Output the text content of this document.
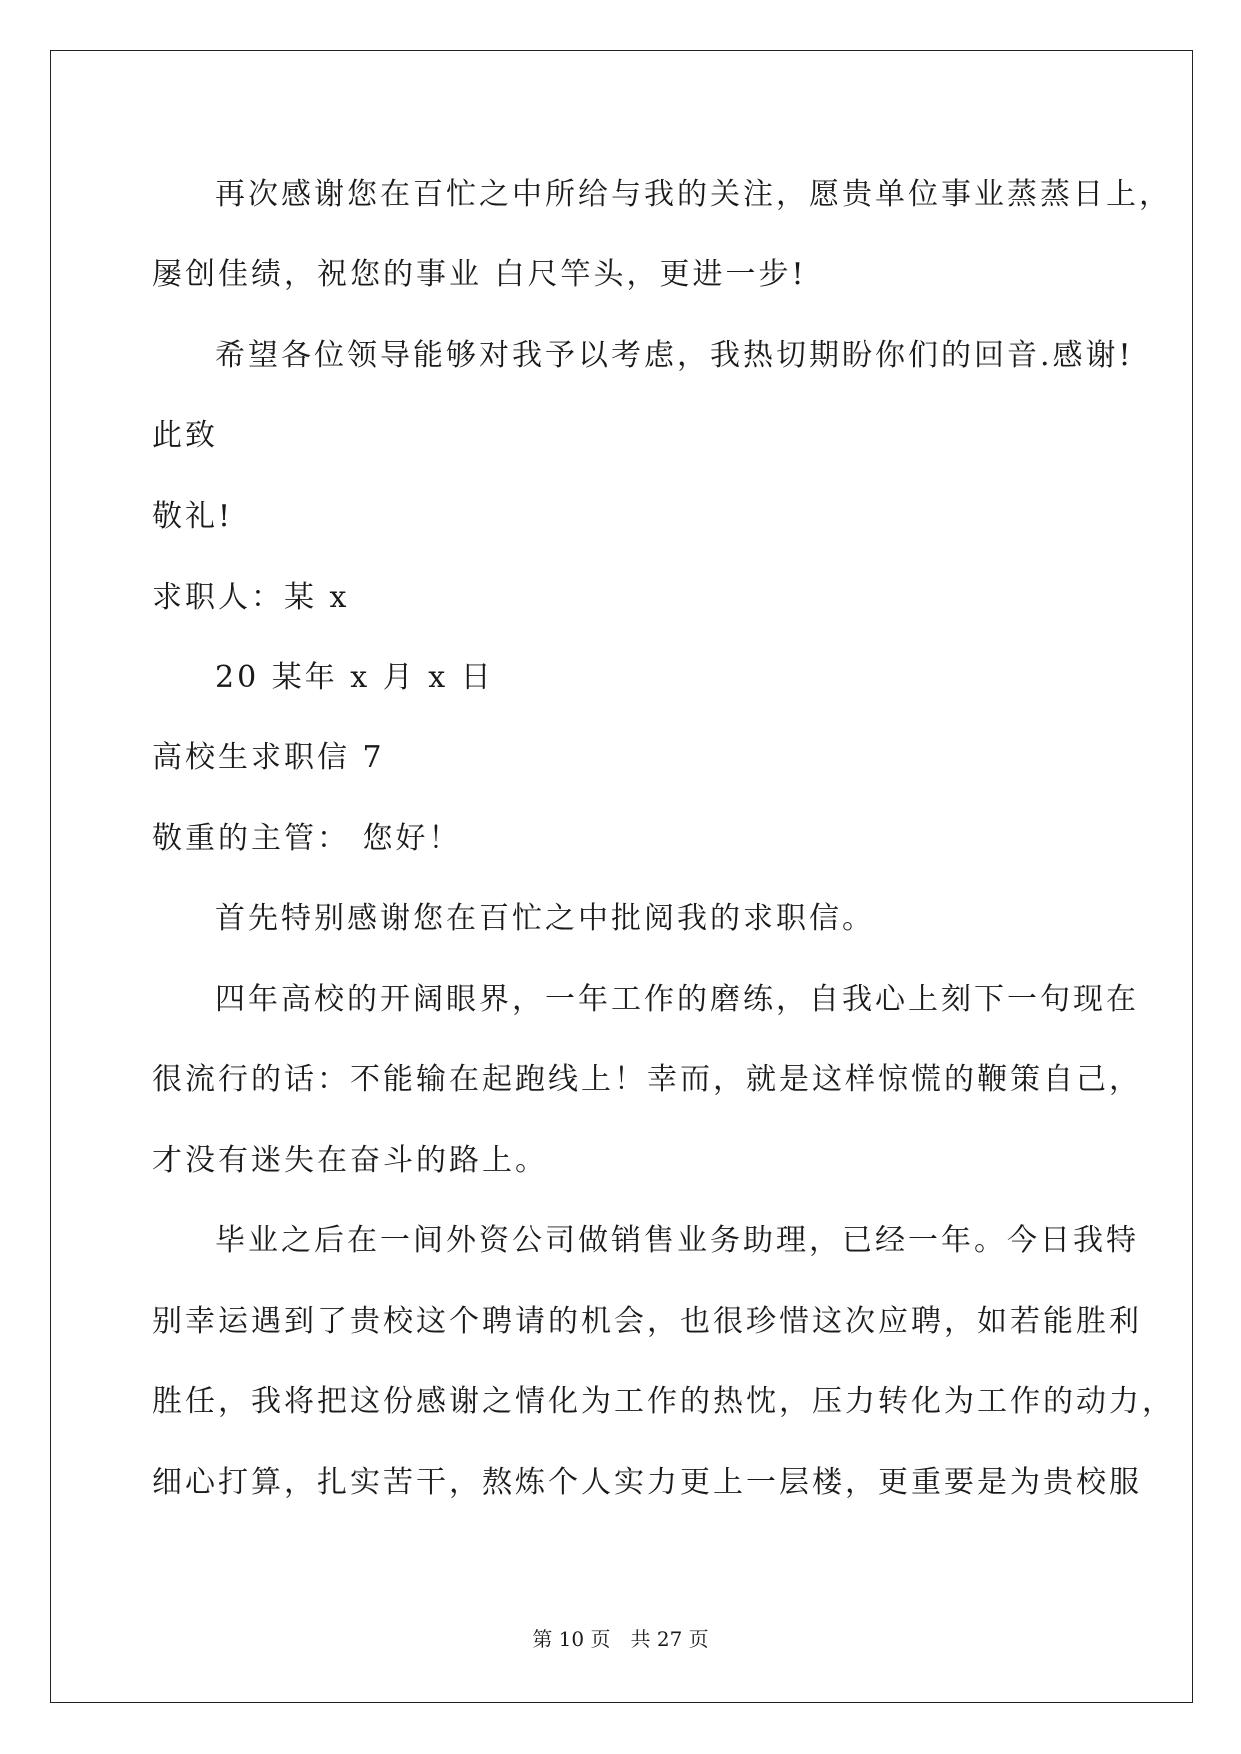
再次感谢您在百忙之中所给与我的关注，愿贵单位事业蒸蒸日上，
屡创佳绩，祝您的事业 白尺竿头，更进一步!
希望各位领导能够对我予以考虑，我热切期盼你们的回音.感谢!
此致
敬礼!
求职人：某 x
20 某年 x 月 x 日
高校生求职信 7
敬重的主管： 您好！
首先特别感谢您在百忙之中批阅我的求职信。
四年高校的开阔眼界，一年工作的磨练，自我心上刻下一句现在
很流行的话：不能输在起跑线上！幸而，就是这样惊慌的鞭策自己，
才没有迷失在奋斗的路上。
毕业之后在一间外资公司做销售业务助理，已经一年。今日我特
别幸运遇到了贵校这个聘请的机会，也很珍惜这次应聘，如若能胜利
胜任，我将把这份感谢之情化为工作的热忱，压力转化为工作的动力，
细心打算，扎实苦干，熬炼个人实力更上一层楼，更重要是为贵校服
第 10 页 共 27 页
